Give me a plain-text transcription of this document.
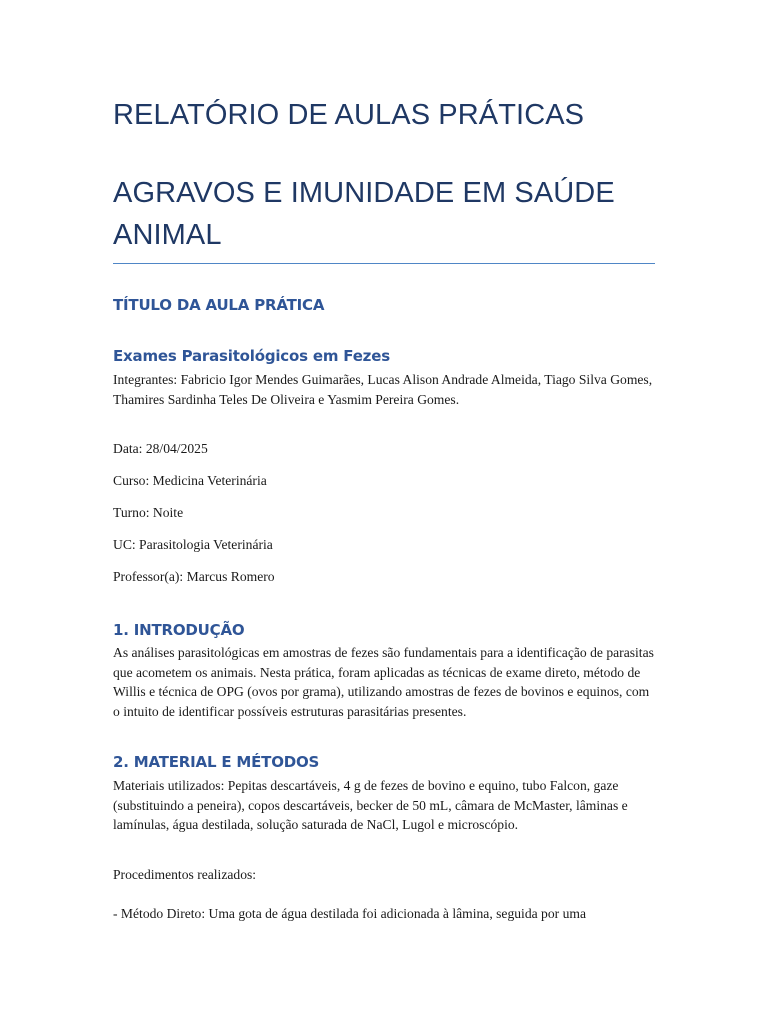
RELATÓRIO DE AULAS PRÁTICAS
AGRAVOS E IMUNIDADE EM SAÚDE ANIMAL
TÍTULO DA AULA PRÁTICA
Exames Parasitológicos em Fezes

Integrantes: Fabricio Igor Mendes Guimarães, Lucas Alison Andrade Almeida, Tiago Silva Gomes, Thamires Sardinha Teles De Oliveira e Yasmim Pereira Gomes.

Data: 28/04/2025

Curso: Medicina Veterinária

Turno: Noite

UC: Parasitologia Veterinária

Professor(a): Marcus Romero

1. INTRODUÇÃO

As análises parasitológicas em amostras de fezes são fundamentais para a identificação de parasitas que acometem os animais. Nesta prática, foram aplicadas as técnicas de exame direto, método de Willis e técnica de OPG (ovos por grama), utilizando amostras de fezes de bovinos e equinos, com o intuito de identificar possíveis estruturas parasitárias presentes.

2. MATERIAL E MÉTODOS

Materiais utilizados: Pepitas descartáveis, 4 g de fezes de bovino e equino, tubo Falcon, gaze (substituindo a peneira), copos descartáveis, becker de 50 mL, câmara de McMaster, lâminas e lamínulas, água destilada, solução saturada de NaCl, Lugol e microscópio.

Procedimentos realizados:

- Método Direto: Uma gota de água destilada foi adicionada à lâmina, seguida por uma
